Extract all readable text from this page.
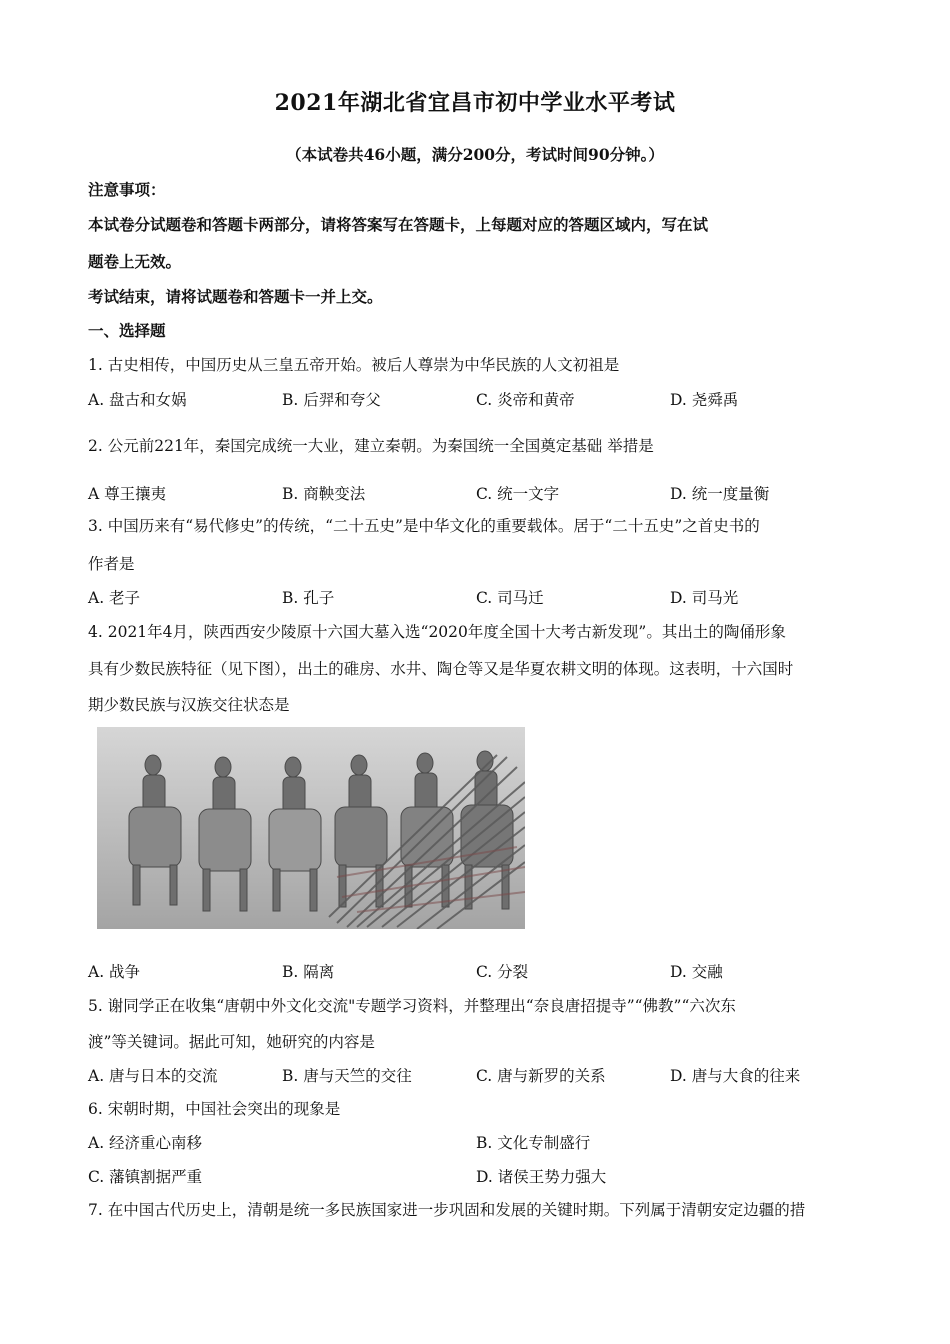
2021年湖北省宜昌市初中学业水平考试
（本试卷共46小题，满分200分，考试时间90分钟。）
注意事项：
本试卷分试题卷和答题卡两部分，请将答案写在答题卡，上每题对应的答题区域内，写在试
题卷上无效。
考试结束，请将试题卷和答题卡一并上交。
一、选择题
1. 古史相传，中国历史从三皇五帝开始。被后人尊崇为中华民族的人文初祖是
A. 盘古和女娲	B. 后羿和夸父	C. 炎帝和黄帝	D. 尧舜禹
2. 公元前221年，秦国完成统一大业，建立秦朝。为秦国统一全国奠定基础 举措是
A 尊王攘夷	B. 商鞅变法	C. 统一文字	D. 统一度量衡
3. 中国历来有“易代修史”的传统，“二十五史”是中华文化的重要载体。居于“二十五史”之首史书的
作者是
A. 老子	B. 孔子	C. 司马迁	D. 司马光
4. 2021年4月，陕西西安少陵原十六国大墓入选“2020年度全国十大考古新发现”。其出土的陶俑形象
具有少数民族特征（见下图），出土的碓房、水井、陶仓等又是华夏农耕文明的体现。这表明，十六国时
期少数民族与汉族交往状态是
A. 战争	B. 隔离	C. 分裂	D. 交融
5. 谢同学正在收集“唐朝中外文化交流"专题学习资料，并整理出“奈良唐招提寺”“佛教”“六次东
渡”等关键词。据此可知，她研究的内容是
A. 唐与日本的交流	B. 唐与天竺的交往	C. 唐与新罗的关系	D. 唐与大食的往来
6. 宋朝时期，中国社会突出的现象是
A. 经济重心南移	B. 文化专制盛行
C. 藩镇割据严重	D. 诸侯王势力强大
7. 在中国古代历史上，清朝是统一多民族国家进一步巩固和发展的关键时期。下列属于清朝安定边疆的措
